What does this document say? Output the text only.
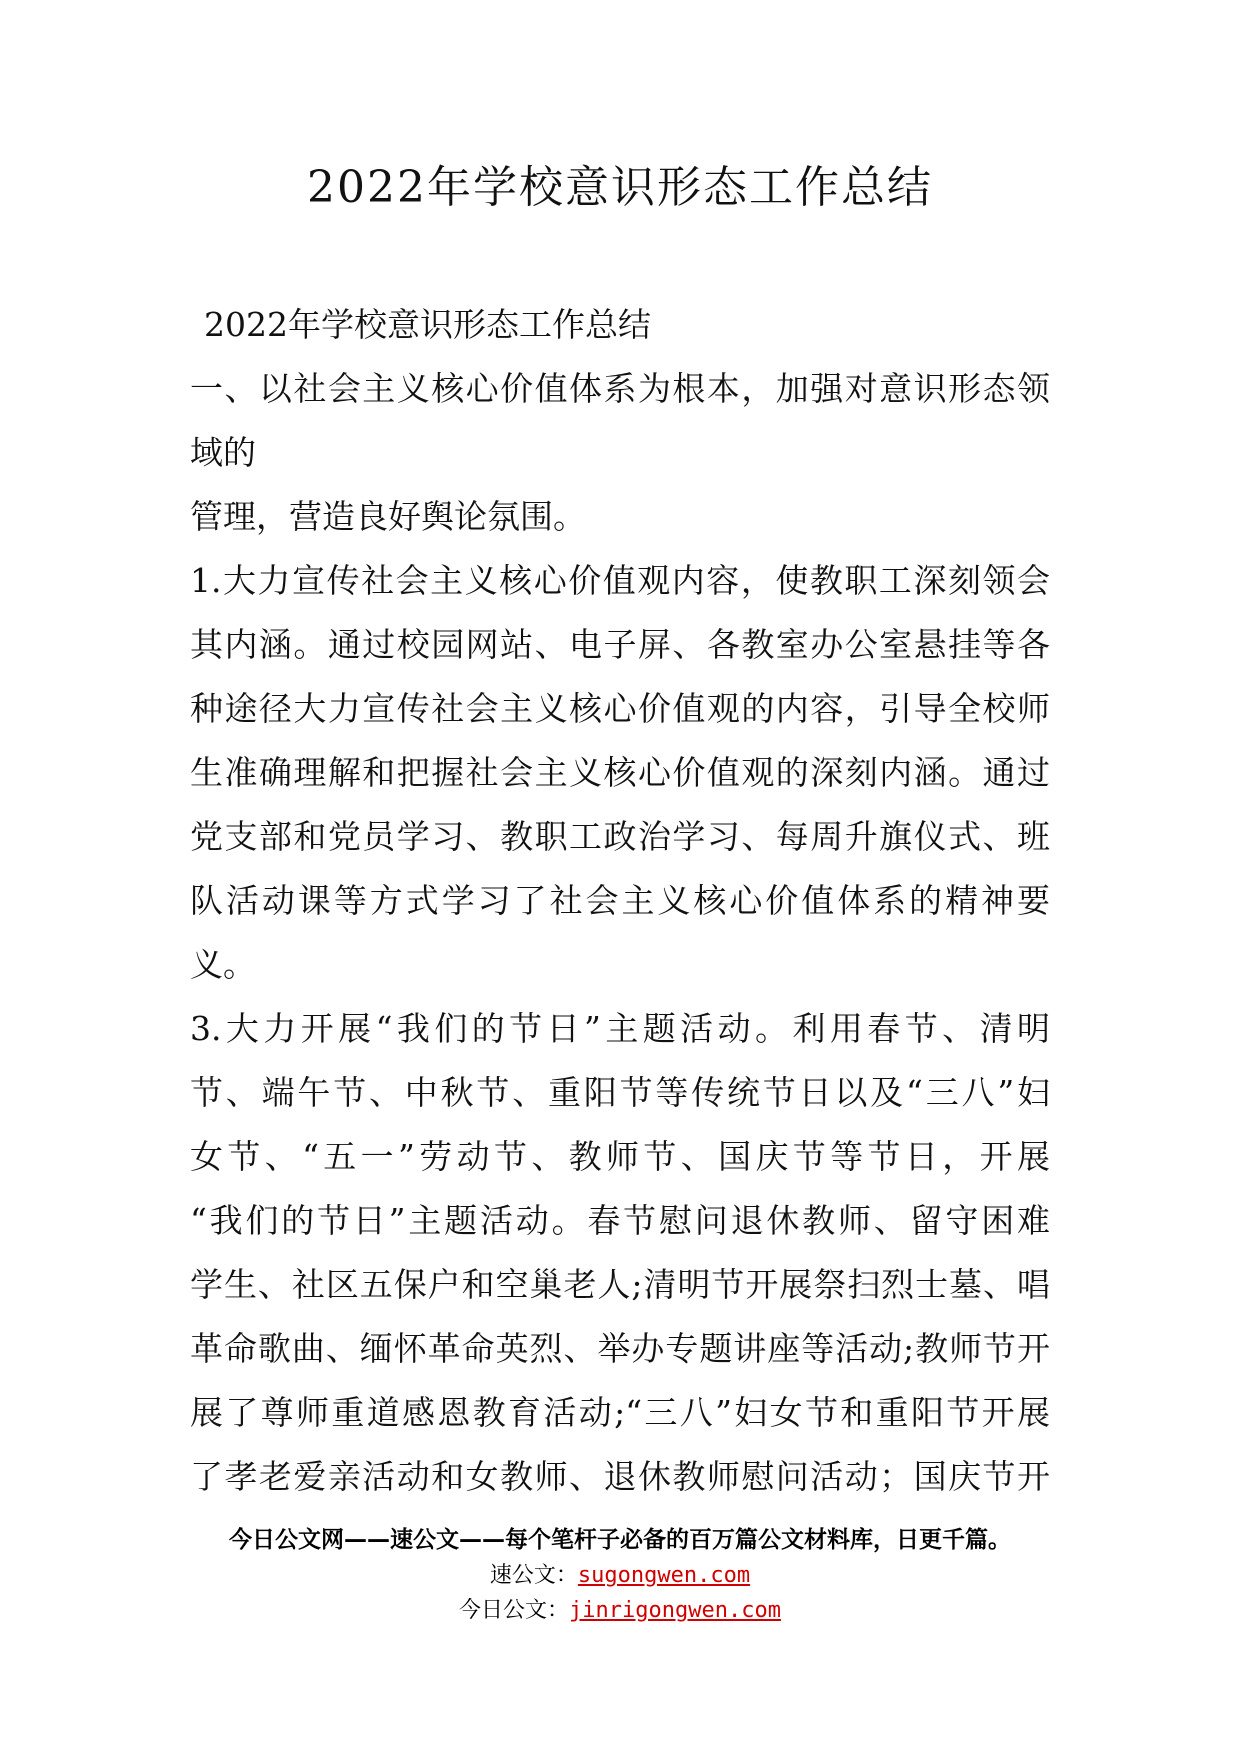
2022年学校意识形态工作总结
2022年学校意识形态工作总结
一、以社会主义核心价值体系为根本，加强对意识形态领
域的
管理，营造良好舆论氛围。
1.大力宣传社会主义核心价值观内容，使教职工深刻领会
其内涵。通过校园网站、电子屏、各教室办公室悬挂等各
种途径大力宣传社会主义核心价值观的内容，引导全校师
生准确理解和把握社会主义核心价值观的深刻内涵。通过
党支部和党员学习、教职工政治学习、每周升旗仪式、班
队活动课等方式学习了社会主义核心价值体系的精神要
义。
3.大力开展“我们的节日”主题活动。利用春节、清明
节、端午节、中秋节、重阳节等传统节日以及“三八”妇
女节、“五一”劳动节、教师节、国庆节等节日，开展
“我们的节日”主题活动。春节慰问退休教师、留守困难
学生、社区五保户和空巢老人;清明节开展祭扫烈士墓、唱
革命歌曲、缅怀革命英烈、举办专题讲座等活动;教师节开
展了尊师重道感恩教育活动;“三八”妇女节和重阳节开展
了孝老爱亲活动和女教师、退休教师慰问活动；国庆节开
今日公文网——速公文——每个笔杆子必备的百万篇公文材料库，日更千篇。
速公文：sugongwen.com
今日公文：jinrigongwen.com
